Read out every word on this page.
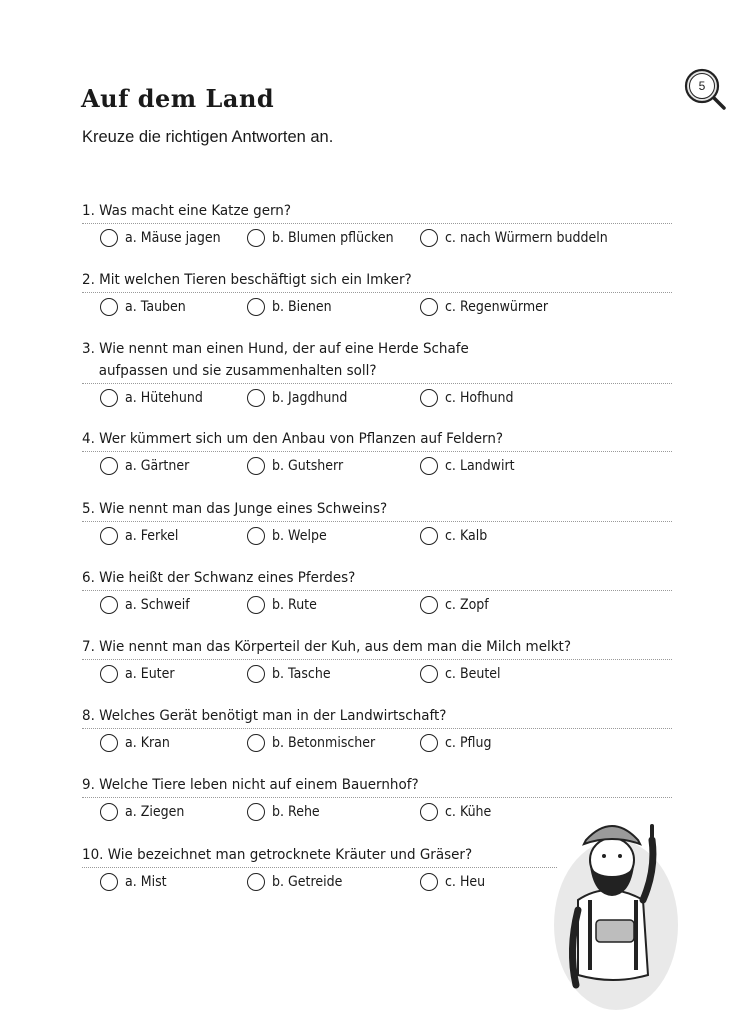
Auf dem Land

Kreuze die richtigen Antworten an.

5
1. Was macht eine Katze gern?
a. Mäuse jagen	b. Blumen pflücken	c. nach Würmern buddeln
2. Mit welchen Tieren beschäftigt sich ein Imker?
a. Tauben	b. Bienen	c. Regenwürmer
3. Wie nennt man einen Hund, der auf eine Herde Schafe
aufpassen und sie zusammenhalten soll?
a. Hütehund	b. Jagdhund	c. Hofhund
4. Wer kümmert sich um den Anbau von Pflanzen auf Feldern?
a. Gärtner	b. Gutsherr	c. Landwirt
5. Wie nennt man das Junge eines Schweins?
a. Ferkel	b. Welpe	c. Kalb
6. Wie heißt der Schwanz eines Pferdes?
a. Schweif	b. Rute	c. Zopf
7. Wie nennt man das Körperteil der Kuh, aus dem man die Milch melkt?
a. Euter	b. Tasche	c. Beutel
8. Welches Gerät benötigt man in der Landwirtschaft?
a. Kran	b. Betonmischer	c. Pflug
9. Welche Tiere leben nicht auf einem Bauernhof?
a. Ziegen	b. Rehe	c. Kühe
10. Wie bezeichnet man getrocknete Kräuter und Gräser?
a. Mist	b. Getreide	c. Heu
